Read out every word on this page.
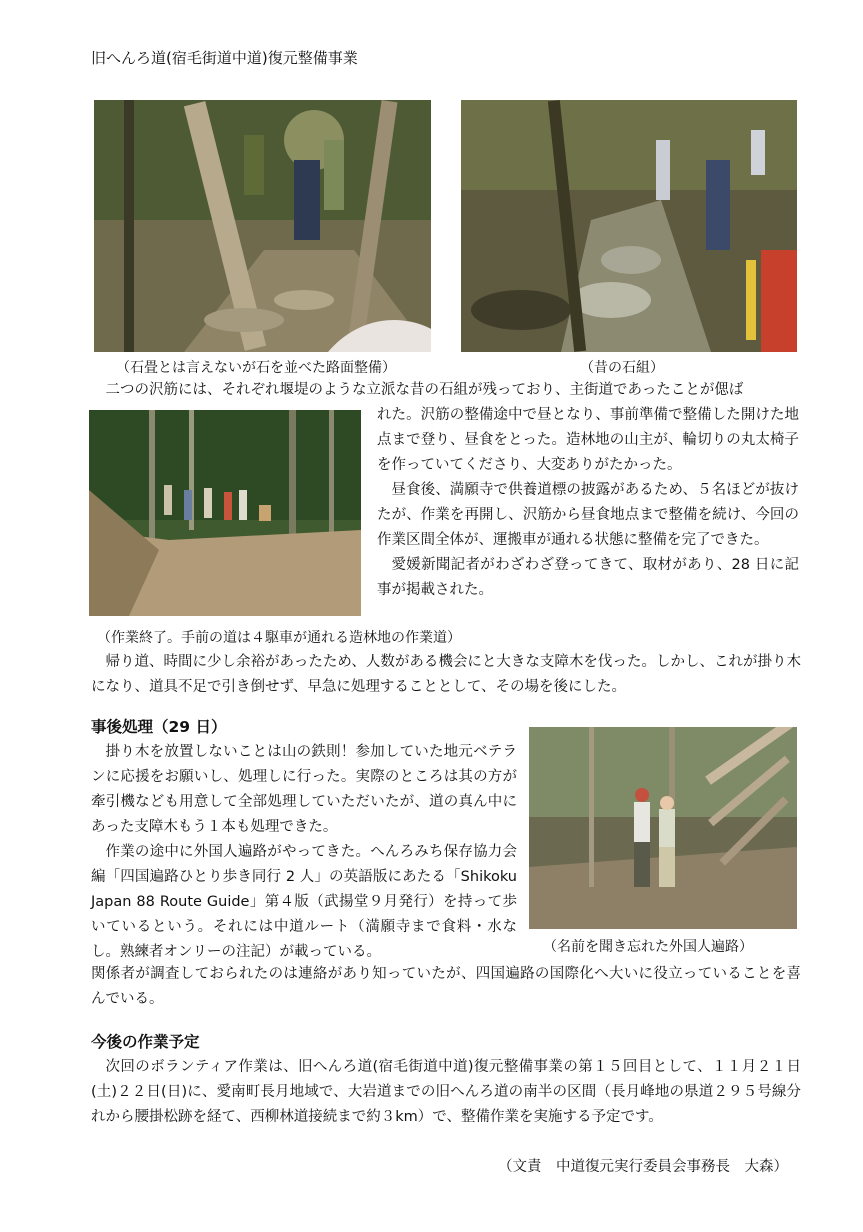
旧へんろ道(宿毛街道中道)復元整備事業
（石畳とは言えないが石を並べた路面整備）	（昔の石組）

二つの沢筋には、それぞれ堰堤のような立派な昔の石組が残っており、主街道であったことが偲ば

れた。沢筋の整備途中で昼となり、事前準備で整備した開けた地点まで登り、昼食をとった。造林地の山主が、輪切りの丸太椅子を作っていてくださり、大変ありがたかった。

昼食後、満願寺で供養道標の披露があるため、５名ほどが抜けたが、作業を再開し、沢筋から昼食地点まで整備を続け、今回の作業区間全体が、運搬車が通れる状態に整備を完了できた。

愛媛新聞記者がわざわざ登ってきて、取材があり、28 日に記事が掲載された。

（作業終了。手前の道は４駆車が通れる造林地の作業道）

帰り道、時間に少し余裕があったため、人数がある機会にと大きな支障木を伐った。しかし、これが掛り木になり、道具不足で引き倒せず、早急に処理することとして、その場を後にした。

事後処理（29 日）

掛り木を放置しないことは山の鉄則！参加していた地元ベテランに応援をお願いし、処理しに行った。実際のところは其の方が牽引機なども用意して全部処理していただいたが、道の真ん中にあった支障木もう１本も処理できた。

作業の途中に外国人遍路がやってきた。へんろみち保存協力会編「四国遍路ひとり歩き同行 2 人」の英語版にあたる「Shikoku Japan 88 Route Guide」第４版（武揚堂９月発行）を持って歩いているという。それには中道ルート（満願寺まで食料・水なし。熟練者オンリーの注記）が載っている。	（名前を聞き忘れた外国人遍路）

関係者が調査しておられたのは連絡があり知っていたが、四国遍路の国際化へ大いに役立っていることを喜んでいる。

今後の作業予定

次回のボランティア作業は、旧へんろ道(宿毛街道中道)復元整備事業の第１５回目として、１１月２１日(土)２２日(日)に、愛南町長月地域で、大岩道までの旧へんろ道の南半の区間（長月峰地の県道２９５号線分れから腰掛松跡を経て、西柳林道接続まで約３km）で、整備作業を実施する予定です。

（文責　中道復元実行委員会事務長　大森）
